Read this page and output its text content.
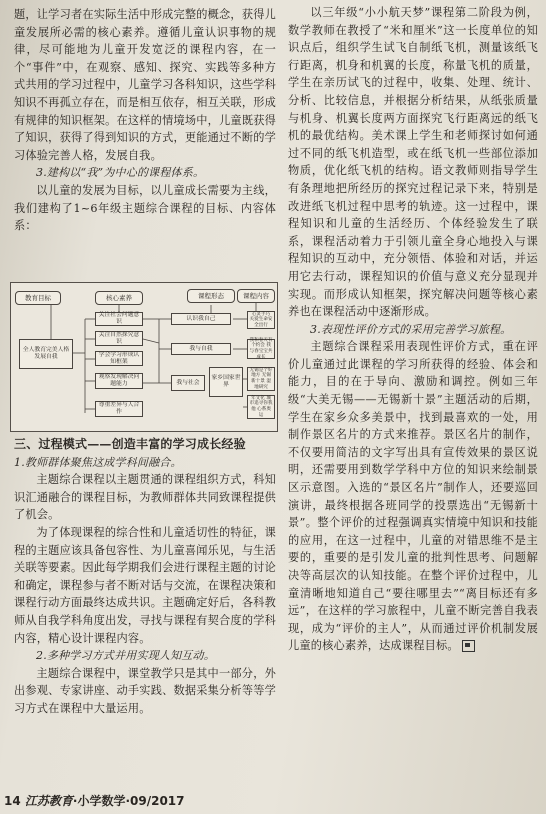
题，让学习者在实际生活中形成完整的概念，获得儿童发展所必需的核心素养。遵循儿童认识事物的规律，尽可能地为儿童开发宽泛的课程内容，在一个“事件”中，在观察、感知、探究、实践等多种方式共用的学习过程中，儿童学习各科知识，这些学科知识不再孤立存在，而是相互依存，相互关联，形成有规律的知识框架。在这样的情境场中，儿童既获得了知识，获得了得到知识的方式，更能通过不断的学习体验完善人格，发展自我。

3.建构以“我”为中心的课程体系。

以儿童的发展为目标，以儿童成长需要为主线，我们建构了1~6年级主题综合课程的目标、内容体系：

教育目标	核心素养	课程形态	课程内容
全人教育完美人格发展自我
关注社会问题意识
关注自然探究意识
学会学习形成认知框架
观察发现解决问题能力
尊重差异与人合作
认识我自己
我与自我
我与社会
家乡国家世界
心灵手巧 关爱生命安全出行
我和春天有个约会 我与春宝宝共成长
无锡是个好地方 无锡新十景 湿地研究
年文化 城市追寻你我他 心系奥运

三、过程模式——创造丰富的学习成长经验

1.教师群体聚焦这成学科间融合。

主题综合课程以主题贯通的课程组织方式，科知识汇通融合的课程目标，为教师群体共同致课程提供了机会。

为了体现课程的综合性和儿童适切性的特征，课程的主题应该具备包容性、为儿童喜闻乐见，与生活关联等要素。因此每学期我们会进行课程主题的讨论和确定，课程参与者不断对话与交流，在课程决策和课程行动方面最终达成共识。主题确定好后，各科教师从自我学科角度出发，寻找与课程有契合度的学科内容，精心设计课程内容。

2.多种学习方式并用实现人知互动。

主题综合课程中，课堂教学只是其中一部分，外出参观、专家讲座、动手实践、数据采集分析等等学习方式在课程中大量运用。

以三年级“小小航天梦”课程第二阶段为例，数学教师在教授了“米和厘米”这一长度单位的知识点后，组织学生试飞自制纸飞机，测量该纸飞行距离，机身和机翼的长度，称量飞机的质量，学生在亲历试飞的过程中，收集、处理、统计、分析、比较信息，并根据分析结果，从纸张质量与机身、机翼长度两方面探究飞行距离远的纸飞机的最优结构。美术课上学生和老师探讨如何通过不同的纸飞机造型，或在纸飞机一些部位添加物质，优化纸飞机的结构。语文教师则指导学生有条理地把所经历的探究过程记录下来，特别是改进纸飞机过程中思考的轨迹。这一过程中，课程知识和儿童的生活经历、个体经验发生了联系，课程活动着力于引领儿童全身心地投入与课程知识的互动中，充分领悟、体验和对话，并运用它去行动，课程知识的价值与意义充分显现并实现。而形成认知框架，探究解决问题等核心素养也在课程活动中逐渐形成。

3.表现性评价方式的采用完善学习旅程。

主题综合课程采用表现性评价方式，重在评价儿童通过此课程的学习所获得的经验、体会和能力，目的在于导向、激励和调控。例如三年级“大美无锡——无锡新十景”主题活动的后期，学生在家乡众多美景中，找到最喜欢的一处，用制作景区名片的方式来推荐。景区名片的制作，不仅要用简洁的文字写出具有宣传效果的景区说明，还需要用到数学学科中方位的知识来绘制景区示意图。入选的“景区名片”制作人，还要巡回演讲，最终根据各班同学的投票选出“无锡新十景”。整个评价的过程强调真实情境中知识和技能的应用，在这一过程中，儿童的对错思维不是主要的，重要的是引发儿童的批判性思考、问题解决等高层次的认知技能。在整个评价过程中，儿童清晰地知道自己“要往哪里去”“离目标还有多远”，在这样的学习旅程中，儿童不断完善自我表现，成为“评价的主人”，从而通过评价机制发展儿童的核心素养，达成课程目标。

14 江苏教育·小学数学·09/2017
